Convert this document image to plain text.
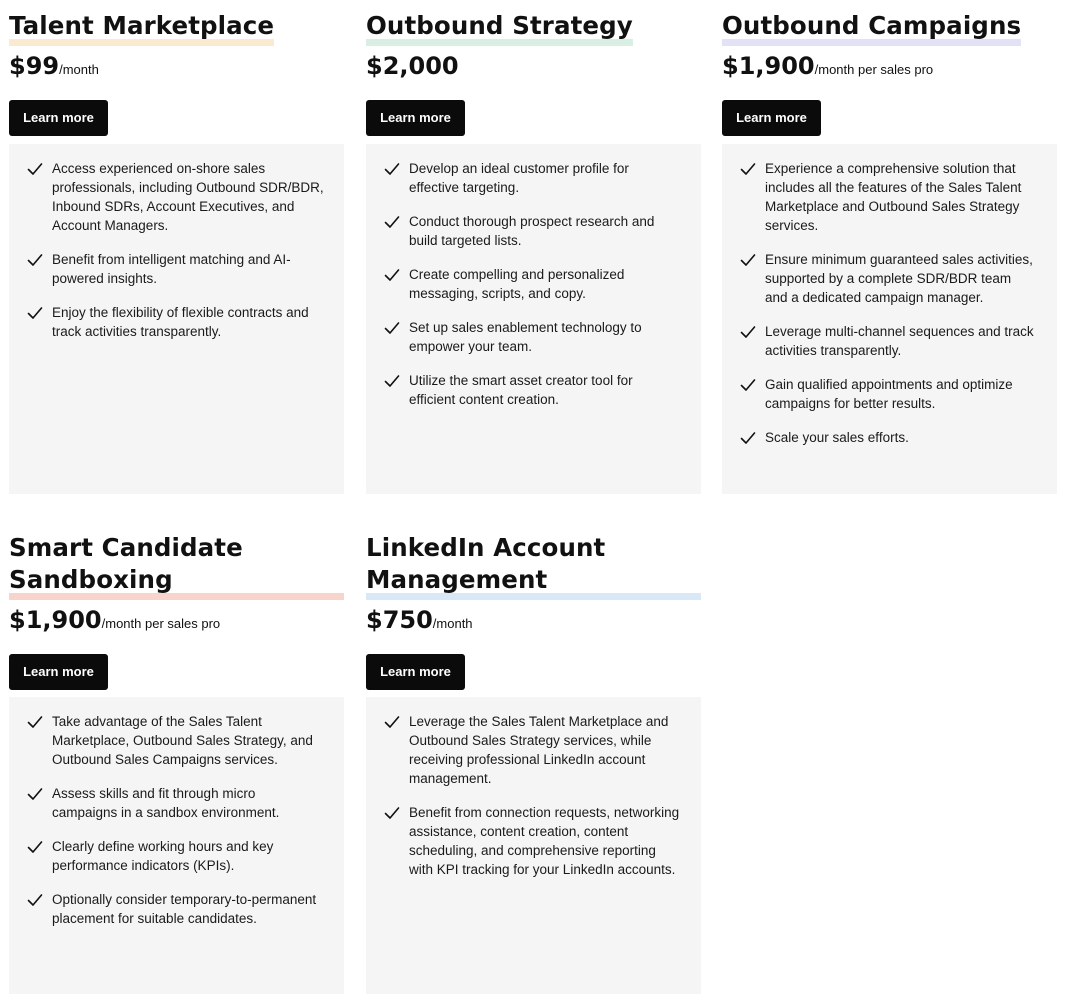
Talent Marketplace
$99/month
Learn more
Access experienced on-shore sales professionals, including Outbound SDR/BDR, Inbound SDRs, Account Executives, and Account Managers.
Benefit from intelligent matching and AI-powered insights.
Enjoy the flexibility of flexible contracts and track activities transparently.
Outbound Strategy
$2,000
Learn more
Develop an ideal customer profile for effective targeting.
Conduct thorough prospect research and build targeted lists.
Create compelling and personalized messaging, scripts, and copy.
Set up sales enablement technology to empower your team.
Utilize the smart asset creator tool for efficient content creation.
Outbound Campaigns
$1,900/month per sales pro
Learn more
Experience a comprehensive solution that includes all the features of the Sales Talent Marketplace and Outbound Sales Strategy services.
Ensure minimum guaranteed sales activities, supported by a complete SDR/BDR team and a dedicated campaign manager.
Leverage multi-channel sequences and track activities transparently.
Gain qualified appointments and optimize campaigns for better results.
Scale your sales efforts.
Smart Candidate Sandboxing
$1,900/month per sales pro
Learn more
Take advantage of the Sales Talent Marketplace, Outbound Sales Strategy, and Outbound Sales Campaigns services.
Assess skills and fit through micro campaigns in a sandbox environment.
Clearly define working hours and key performance indicators (KPIs).
Optionally consider temporary-to-permanent placement for suitable candidates.
LinkedIn Account Management
$750/month
Learn more
Leverage the Sales Talent Marketplace and Outbound Sales Strategy services, while receiving professional LinkedIn account management.
Benefit from connection requests, networking assistance, content creation, content scheduling, and comprehensive reporting with KPI tracking for your LinkedIn accounts.
